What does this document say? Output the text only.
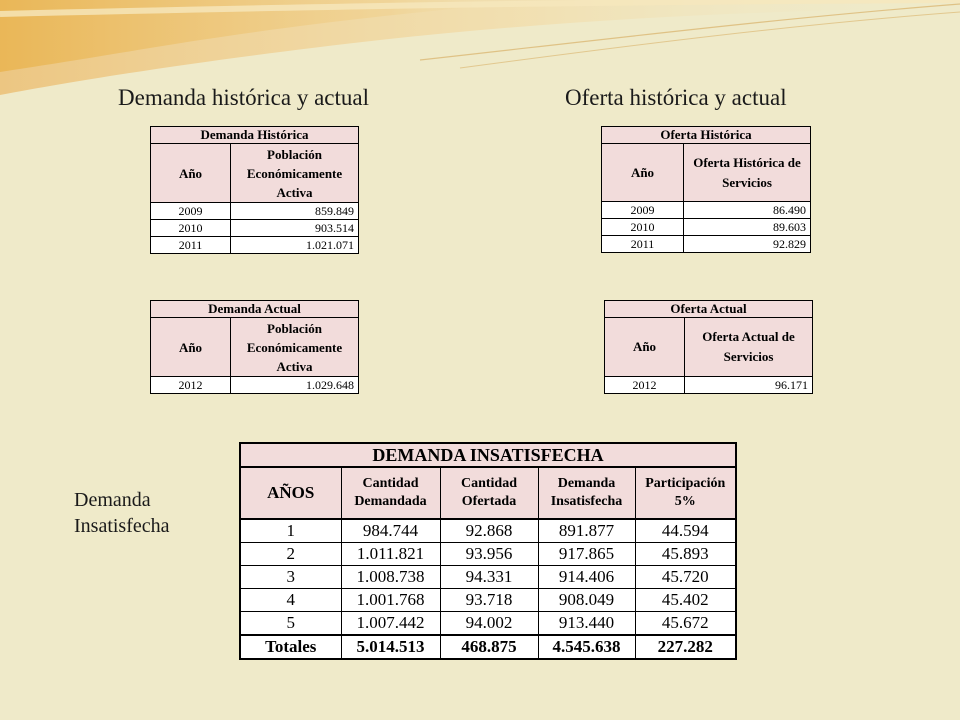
Demanda histórica y actual	Oferta histórica y actual
Demanda
Insatisfecha
Demanda Histórica	
Año	Población Económicamente Activa
2009	859.849
2010	903.514
2011	1.021.071
Oferta Histórica	
Año	Oferta Histórica de Servicios
2009	86.490
2010	89.603
2011	92.829
Demanda Actual	
Año	Población Económicamente Activa
2012	1.029.648
Oferta Actual	
Año	Oferta Actual de Servicios
2012	96.171
DEMANDA INSATISFECHA				
AÑOS	Cantidad Demandada	Cantidad Ofertada	Demanda Insatisfecha	Participación 5%
1	984.744	92.868	891.877	44.594
2	1.011.821	93.956	917.865	45.893
3	1.008.738	94.331	914.406	45.720
4	1.001.768	93.718	908.049	45.402
5	1.007.442	94.002	913.440	45.672
Totales	5.014.513	468.875	4.545.638	227.282
